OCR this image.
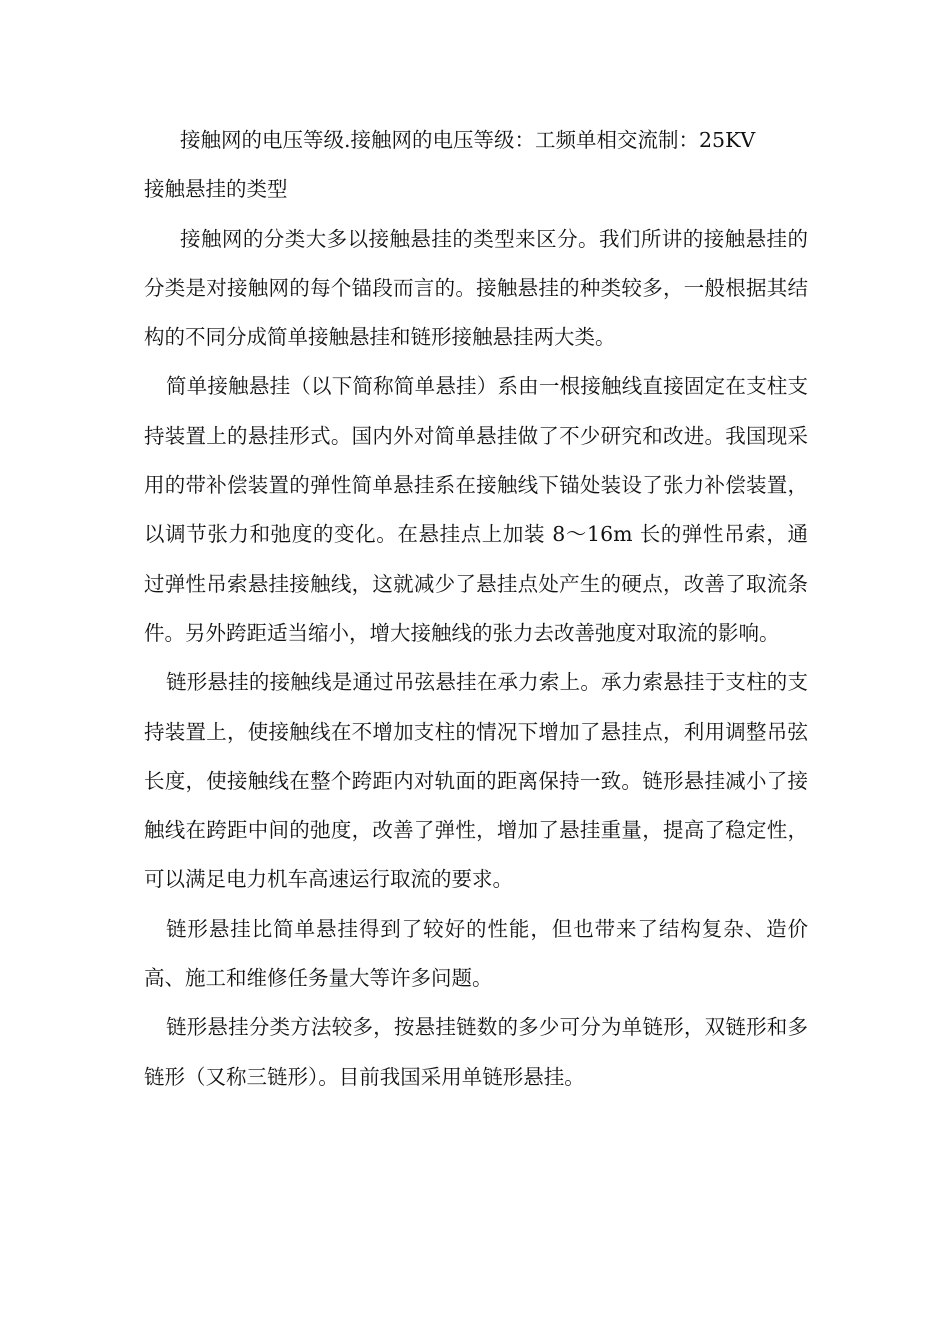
接触网的电压等级.接触网的电压等级：工频单相交流制：25KV

接触悬挂的类型

接触网的分类大多以接触悬挂的类型来区分。我们所讲的接触悬挂的分类是对接触网的每个锚段而言的。接触悬挂的种类较多，一般根据其结构的不同分成简单接触悬挂和链形接触悬挂两大类。

简单接触悬挂（以下简称简单悬挂）系由一根接触线直接固定在支柱支持装置上的悬挂形式。国内外对简单悬挂做了不少研究和改进。我国现采用的带补偿装置的弹性简单悬挂系在接触线下锚处装设了张力补偿装置，以调节张力和弛度的变化。在悬挂点上加装 8～16m 长的弹性吊索，通过弹性吊索悬挂接触线，这就减少了悬挂点处产生的硬点，改善了取流条件。另外跨距适当缩小，增大接触线的张力去改善弛度对取流的影响。

链形悬挂的接触线是通过吊弦悬挂在承力索上。承力索悬挂于支柱的支持装置上，使接触线在不增加支柱的情况下增加了悬挂点，利用调整吊弦长度，使接触线在整个跨距内对轨面的距离保持一致。链形悬挂减小了接触线在跨距中间的弛度，改善了弹性，增加了悬挂重量，提高了稳定性，可以满足电力机车高速运行取流的要求。

链形悬挂比简单悬挂得到了较好的性能，但也带来了结构复杂、造价高、施工和维修任务量大等许多问题。

链形悬挂分类方法较多，按悬挂链数的多少可分为单链形，双链形和多链形（又称三链形）。目前我国采用单链形悬挂。
